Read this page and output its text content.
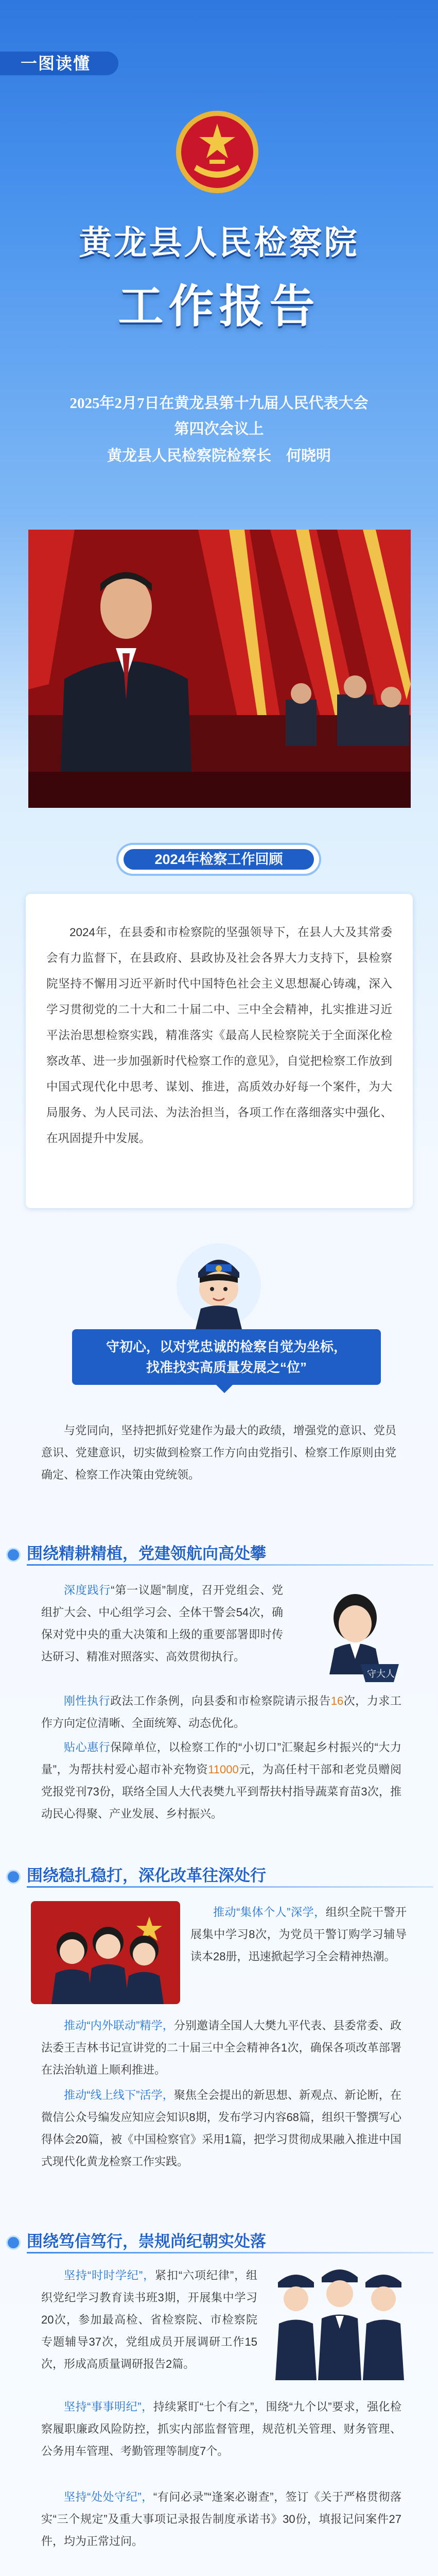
一图读懂
黄龙县人民检察院
工作报告
2025年2月7日在黄龙县第十九届人民代表大会
第四次会议上
黄龙县人民检察院检察长　何晓明
2024年检察工作回顾
2024年，在县委和市检察院的坚强领导下，在县人大及其常委会有力监督下，在县政府、县政协及社会各界大力支持下，县检察院坚持不懈用习近平新时代中国特色社会主义思想凝心铸魂，深入学习贯彻党的二十大和二十届二中、三中全会精神，扎实推进习近平法治思想检察实践，精准落实《最高人民检察院关于全面深化检察改革、进一步加强新时代检察工作的意见》，自觉把检察工作放到中国式现代化中思考、谋划、推进，高质效办好每一个案件，为大局服务、为人民司法、为法治担当，各项工作在落细落实中强化、在巩固提升中发展。
守初心，以对党忠诚的检察自觉为坐标，
找准找实高质量发展之“位”
与党同向，坚持把抓好党建作为最大的政绩，增强党的意识、党员意识、党建意识，切实做到检察工作方向由党指引、检察工作原则由党确定、检察工作决策由党统领。
围绕精耕精植，党建领航向高处攀
深度践行“第一议题”制度，召开党组会、党组扩大会、中心组学习会、全体干警会54次，确保对党中央的重大决策和上级的重要部署即时传达研习、精准对照落实、高效贯彻执行。
守大人
刚性执行政法工作条例，向县委和市检察院请示报告16次，力求工作方向定位清晰、全面统筹、动态优化。
贴心惠行保障单位，以检察工作的“小切口”汇聚起乡村振兴的“大力量”，为帮扶村爱心超市补充物资11000元，为高任村干部和老党员赠阅党报党刊73份，联络全国人大代表樊九平到帮扶村指导蔬菜育苗3次，推动民心得聚、产业发展、乡村振兴。
围绕稳扎稳打，深化改革往深处行
推动“集体个人”深学，组织全院干警开展集中学习8次，为党员干警订购学习辅导读本28册，迅速掀起学习全会精神热潮。
推动“内外联动”精学，分别邀请全国人大樊九平代表、县委常委、政法委王吉林书记宣讲党的二十届三中全会精神各1次，确保各项改革部署在法治轨道上顺利推进。
推动“线上线下”活学，聚焦全会提出的新思想、新观点、新论断，在微信公众号编发应知应会知识8期，发布学习内容68篇，组织干警撰写心得体会20篇，被《中国检察官》采用1篇，把学习贯彻成果融入推进中国式现代化黄龙检察工作实践。
围绕笃信笃行，崇规尚纪朝实处落
坚持“时时学纪”，紧扣“六项纪律”，组织党纪学习教育读书班3期，开展集中学习20次，参加最高检、省检察院、市检察院专题辅导37次，党组成员开展调研工作15次，形成高质量调研报告2篇。
坚持“事事明纪”，持续紧盯“七个有之”，围绕“九个以”要求，强化检察履职廉政风险防控，抓实内部监督管理，规范机关管理、财务管理、公务用车管理、考勤管理等制度7个。
坚持“处处守纪”，“有问必录”“逢案必谢查”，签订《关于严格贯彻落实“三个规定”及重大事项记录报告制度承诺书》30份，填报记问案件27件，均为正常过问。
